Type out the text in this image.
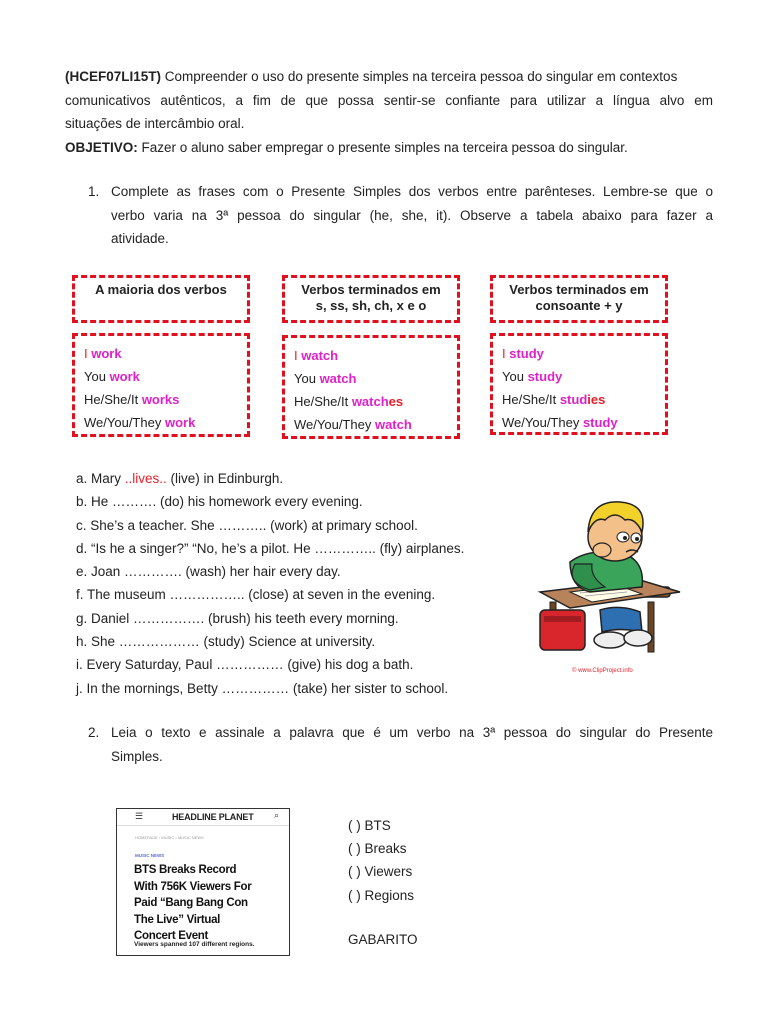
(HCEF07LI15T) Compreender o uso do presente simples na terceira pessoa do singular em contextos
comunicativos autênticos, a fim de que possa sentir-se confiante para utilizar a língua alvo em
situações de intercâmbio oral.
OBJETIVO: Fazer o aluno saber empregar o presente simples na terceira pessoa do singular.
1. Complete as frases com o Presente Simples dos verbos entre parênteses. Lembre-se que o
verbo varia na 3ª pessoa do singular (he, she, it). Observe a tabela abaixo para fazer a
atividade.
A maioria dos verbos	Verbos terminados em
s, ss, sh, ch, x e o
Verbos terminados em
consoante + y
I work
You work
He/She/It works
We/You/They work
I watch
You watch
He/She/It watches
We/You/They watch
I study
You study
He/She/It studies
We/You/They study
a. Mary ..lives.. (live) in Edinburgh.
b. He ………. (do) his homework every evening.
c. She’s a teacher. She ……….. (work) at primary school.
d. “Is he a singer?” “No, he’s a pilot. He ………….. (fly) airplanes.
e. Joan …………. (wash) her hair every day.
f. The museum …………….. (close) at seven in the evening.
g. Daniel ……………. (brush) his teeth every morning.
h. She ……………… (study) Science at university.
i. Every Saturday, Paul …………… (give) his dog a bath.
j. In the mornings, Betty …………… (take) her sister to school.
© www.ClipProject.info
2. Leia o texto e assinale a palavra que é um verbo na 3ª pessoa do singular do Presente
Simples.
☰	HEADLINE PLANET ⌕
HOMEPAGE › MUSIC › MUSIC NEWS
MUSIC NEWS
BTS Breaks Record
With 756K Viewers For
Paid “Bang Bang Con
The Live” Virtual
Concert Event
Viewers spanned 107 different regions.
( ) BTS
( ) Breaks
( ) Viewers
( ) Regions
GABARITO
